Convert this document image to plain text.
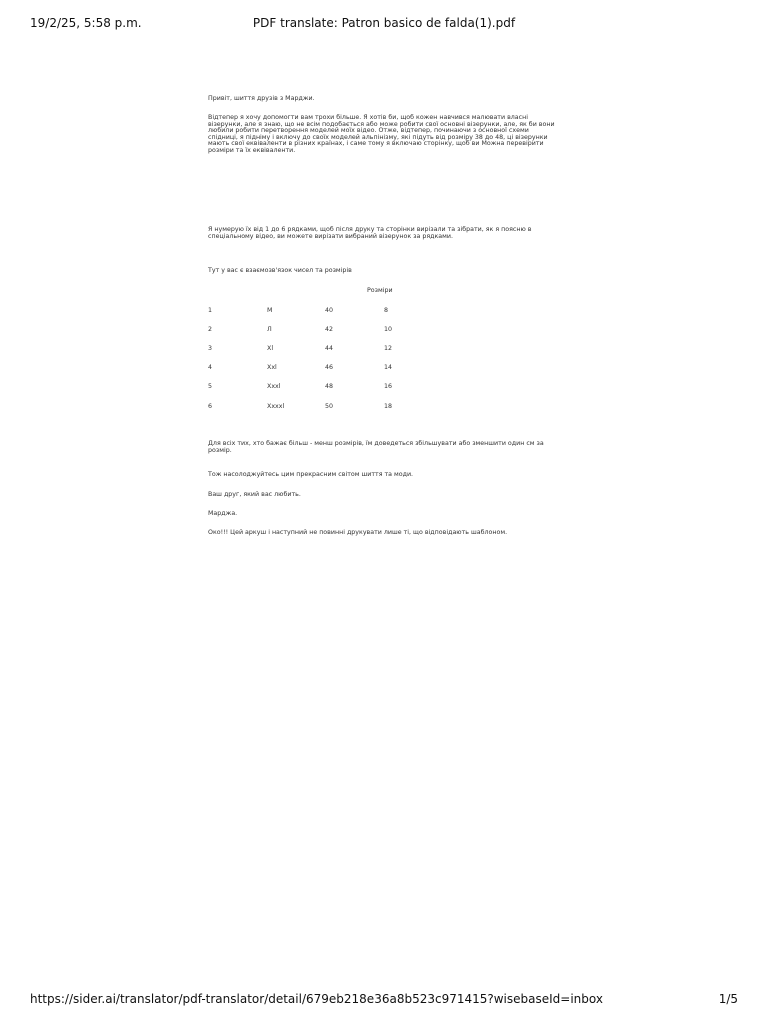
19/2/25, 5:58 p.m.	PDF translate: Patron basico de falda(1).pdf

Привіт, шиття друзів з Марджи.

Відтепер я хочу допомогти вам трохи більше. Я хотів би, щоб кожен навчився малювати власні візерунки, але я знаю, що не всім подобається або може робити свої основні візерунки, але, як би вони любили робити перетворення моделей моїх відео. Отже, відтепер, починаючи з основної схеми спідниці, я підніму і включу до своїх моделей альпінізму, які підуть від розміру 38 до 48, ці візерунки мають свої еквіваленти в різних країнах, і саме тому я включаю сторінку, щоб ви Можна перевірити розміри та їх еквіваленти.

Я нумерую їх від 1 до 6 рядками, щоб після друку та сторінки вирізали та зібрати, як я поясню в спеціальному відео, ви можете вирізати вибраний візерунок за рядками.

Тут у вас є взаємозв'язок чисел та розмірів

Розміри
1	M	40	8
2	Л	42	10
3	Xl	44	12
4	Xxl	46	14
5	Xxxl	48	16
6	Xxxxl	50	18

Для всіх тих, хто бажає більш - менш розмірів, їм доведеться збільшувати або зменшити один см за розмір.

Тож насолоджуйтесь цим прекрасним світом шиття та моди.

Ваш друг, який вас любить.

Марджа.

Око!!! Цей аркуш і наступний не повинні друкувати лише ті, що відповідають шаблоном.

https://sider.ai/translator/pdf-translator/detail/679eb218e36a8b523c971415?wisebaseId=inbox	1/5
